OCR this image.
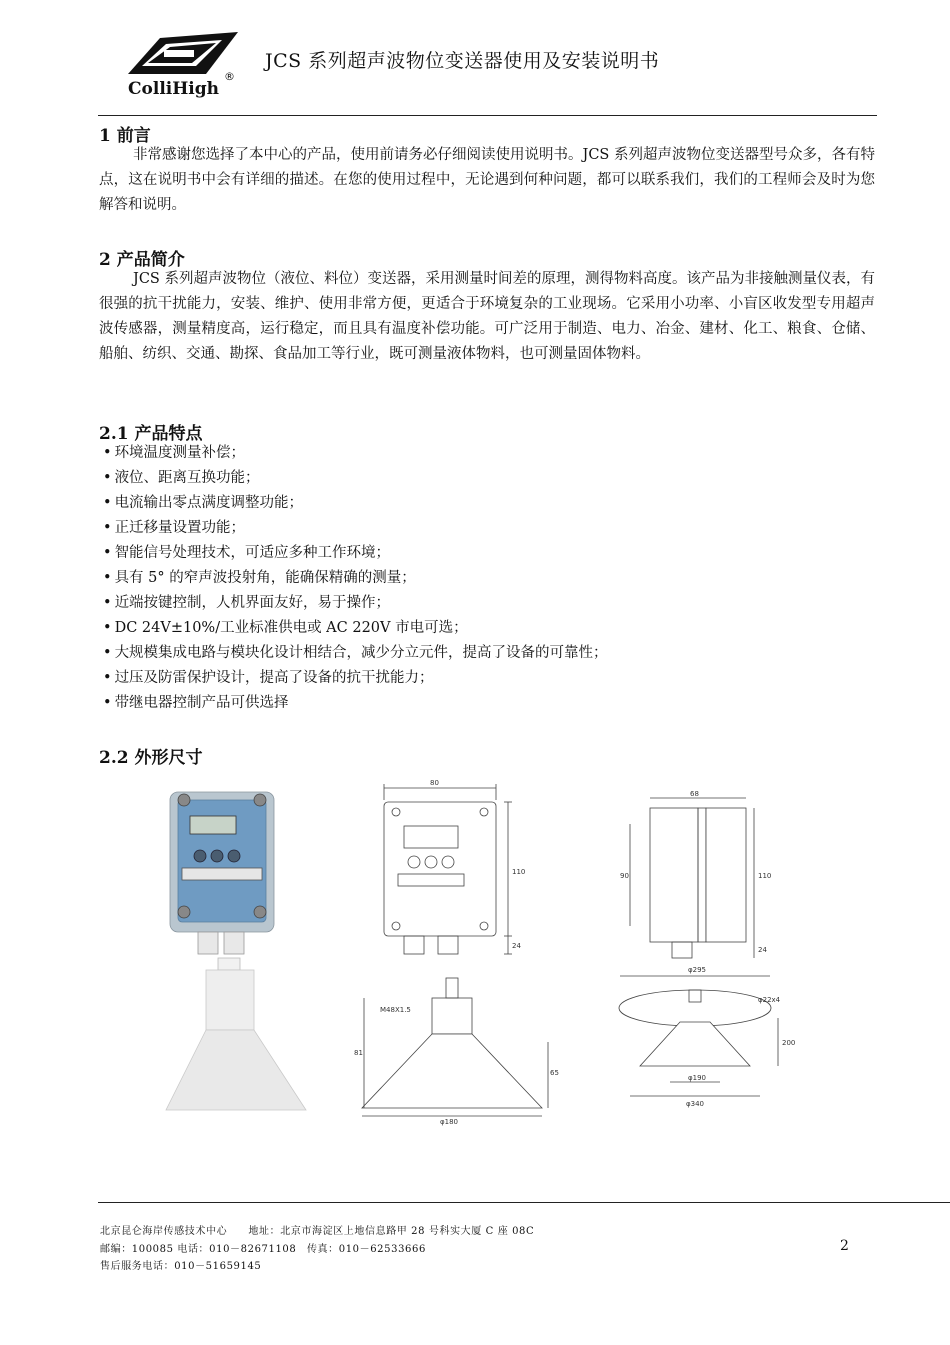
ColliHigh
®
JCS 系列超声波物位变送器使用及安装说明书
1 前言
非常感谢您选择了本中心的产品，使用前请务必仔细阅读使用说明书。JCS 系列超声波物位变送器型号众多，各有特点，这在说明书中会有详细的描述。在您的使用过程中，无论遇到何种问题，都可以联系我们，我们的工程师会及时为您解答和说明。
2 产品简介
JCS 系列超声波物位（液位、料位）变送器，采用测量时间差的原理，测得物料高度。该产品为非接触测量仪表，有很强的抗干扰能力，安装、维护、使用非常方便，更适合于环境复杂的工业现场。它采用小功率、小盲区收发型专用超声波传感器，测量精度高，运行稳定，而且具有温度补偿功能。可广泛用于制造、电力、冶金、建材、化工、粮食、仓储、船舶、纺织、交通、勘探、食品加工等行业，既可测量液体物料，也可测量固体物料。
2.1 产品特点
• 环境温度测量补偿；
• 液位、距离互换功能；
• 电流输出零点满度调整功能；
• 正迁移量设置功能；
• 智能信号处理技术，可适应多种工作环境；
• 具有 5° 的窄声波投射角，能确保精确的测量；
• 近端按键控制，人机界面友好，易于操作；
• DC 24V±10%/工业标准供电或 AC 220V 市电可选；
• 大规模集成电路与模块化设计相结合，减少分立元件，提高了设备的可靠性；
• 过压及防雷保护设计，提高了设备的抗干扰能力；
• 带继电器控制产品可供选择
2.2 外形尺寸
80
110
24
M48X1.5
81
65
φ180
68
90	110
24
φ295
φ22x4
200
φ190
φ340
北京昆仑海岸传感技术中心　　地址：北京市海淀区上地信息路甲 28 号科实大厦 C 座 08C
邮编：100085 电话：010－82671108　传真：010－62533666
售后服务电话：010－51659145
2
